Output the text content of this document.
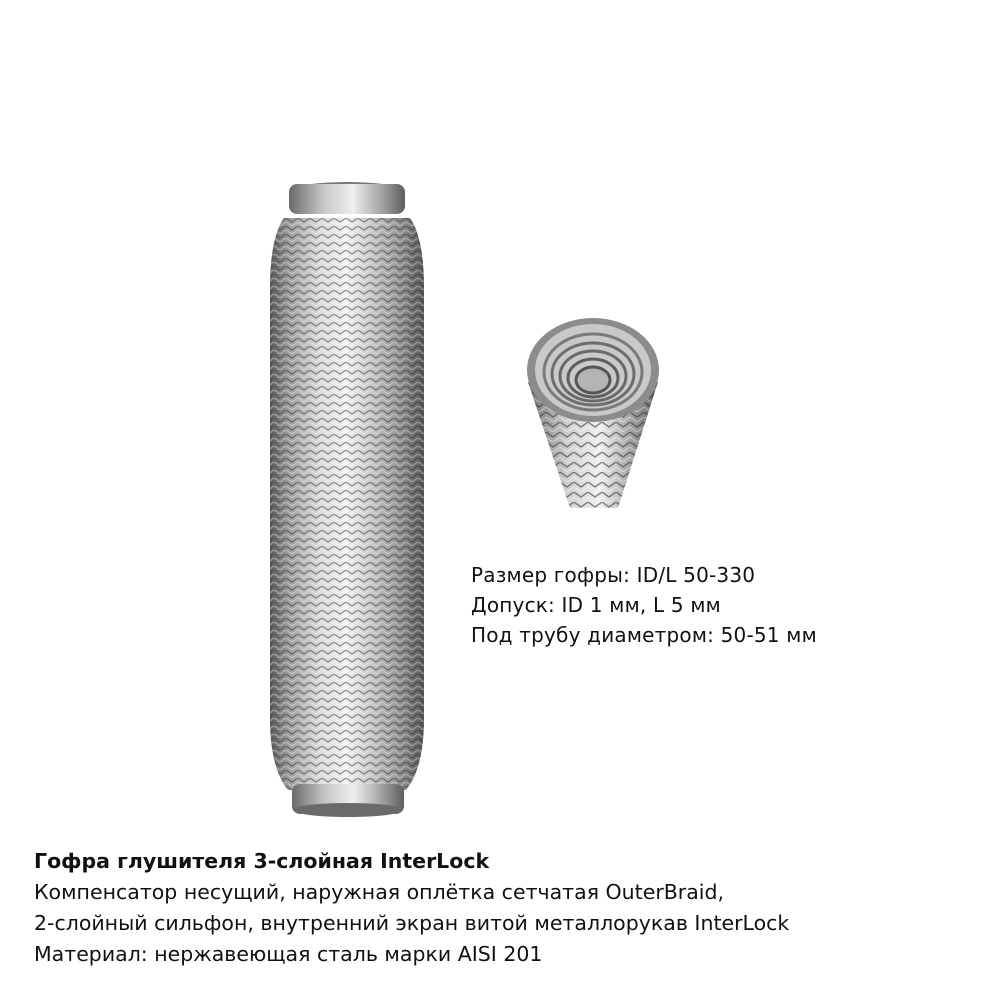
Размер гофры: ID/L 50-330
Допуск: ID 1 мм, L 5 мм
Под трубу диаметром: 50-51 мм
Гофра глушителя 3-слойная InterLock
Компенсатор несущий, наружная оплётка сетчатая OuterBraid,
2-слойный сильфон, внутренний экран витой металлорукав InterLock
Материал: нержавеющая сталь марки AISI 201
